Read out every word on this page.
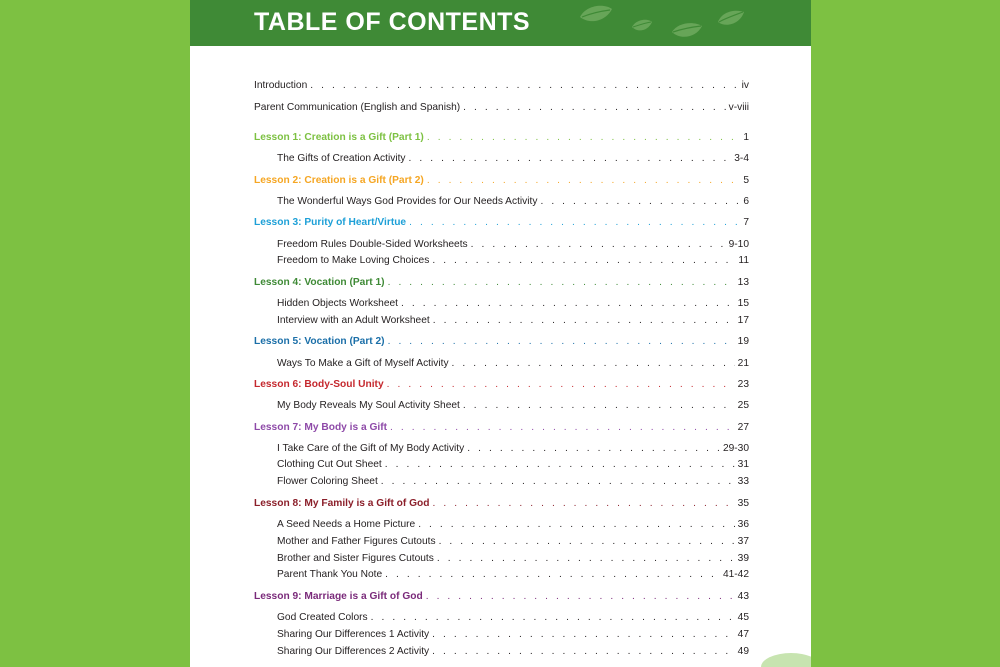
TABLE OF CONTENTS
Introduction . . .	iv
Parent Communication (English and Spanish) . . .	v-viii
Lesson 1: Creation is a Gift (Part 1) . . .	1
The Gifts of Creation Activity . . .	3-4
Lesson 2: Creation is a Gift (Part 2) . . .	5
The Wonderful Ways God Provides for Our Needs Activity . . .	6
Lesson 3: Purity of Heart/Virtue . . .	7
Freedom Rules Double-Sided Worksheets . . .	9-10
Freedom to Make Loving Choices . . .	11
Lesson 4: Vocation (Part 1) . . .	13
Hidden Objects Worksheet . . .	15
Interview with an Adult Worksheet . . .	17
Lesson 5: Vocation (Part 2) . . .	19
Ways To Make a Gift of Myself Activity . . .	21
Lesson 6: Body-Soul Unity . . .	23
My Body Reveals My Soul Activity Sheet . . .	25
Lesson 7: My Body is a Gift . . .	27
I Take Care of the Gift of My Body Activity . . .	29-30
Clothing Cut Out Sheet . . .	31
Flower Coloring Sheet . . .	33
Lesson 8: My Family is a Gift of God . . .	35
A Seed Needs a Home Picture . . .	36
Mother and Father Figures Cutouts . . .	37
Brother and Sister Figures Cutouts . . .	39
Parent Thank You Note . . .	41-42
Lesson 9: Marriage is a Gift of God . . .	43
God Created Colors . . .	45
Sharing Our Differences 1 Activity . . .	47
Sharing Our Differences 2 Activity . . .	49
